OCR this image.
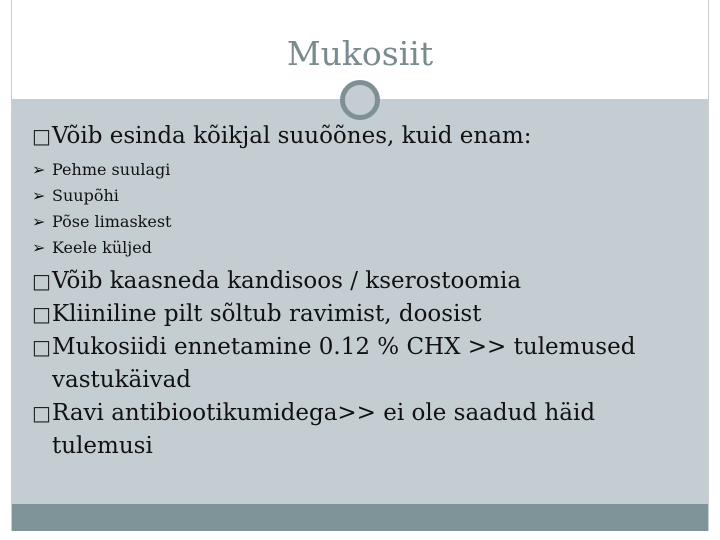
Mukosiit
□ Võib esinda kõikjal suuõõnes, kuid enam:
➢ Pehme suulagi
➢ Suupõhi
➢ Põse limaskest
➢ Keele küljed
□ Võib kaasneda kandisoos / kserostoomia
□ Kliiniline pilt sõltub ravimist, doosist
□ Mukosiidi ennetamine 0.12 % CHX >> tulemused vastukäivad
□ Ravi antibiootikumidega>> ei ole saadud häid tulemusi
